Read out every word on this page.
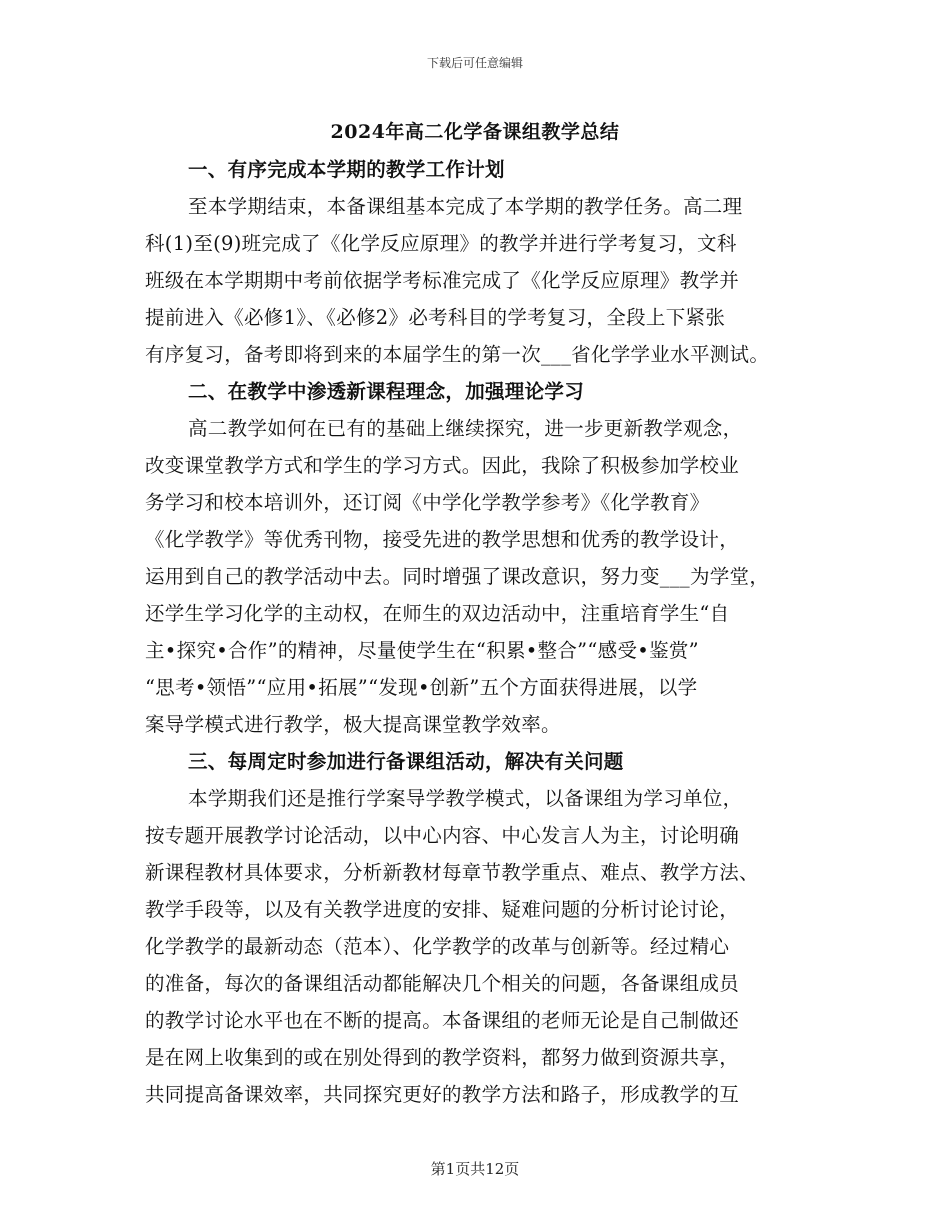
下载后可任意编辑
2024年高二化学备课组教学总结
一、有序完成本学期的教学工作计划
至本学期结束，本备课组基本完成了本学期的教学任务。高二理
科(1)至(9)班完成了《化学反应原理》的教学并进行学考复习，文科
班级在本学期期中考前依据学考标准完成了《化学反应原理》教学并
提前进入《必修1》、《必修2》必考科目的学考复习，全段上下紧张
有序复习，备考即将到来的本届学生的第一次___省化学学业水平测试。
二、在教学中渗透新课程理念，加强理论学习
高二教学如何在已有的基础上继续探究，进一步更新教学观念，
改变课堂教学方式和学生的学习方式。因此，我除了积极参加学校业
务学习和校本培训外，还订阅《中学化学教学参考》《化学教育》
《化学教学》等优秀刊物，接受先进的教学思想和优秀的教学设计，
运用到自己的教学活动中去。同时增强了课改意识，努力变___为学堂，
还学生学习化学的主动权，在师生的双边活动中，注重培育学生“自
主•探究•合作”的精神，尽量使学生在“积累•整合”“感受•鉴赏”
“思考•领悟”“应用•拓展”“发现•创新”五个方面获得进展，以学
案导学模式进行教学，极大提高课堂教学效率。
三、每周定时参加进行备课组活动，解决有关问题
本学期我们还是推行学案导学教学模式，以备课组为学习单位，
按专题开展教学讨论活动，以中心内容、中心发言人为主，讨论明确
新课程教材具体要求，分析新教材每章节教学重点、难点、教学方法、
教学手段等，以及有关教学进度的安排、疑难问题的分析讨论讨论，
化学教学的最新动态（范本）、化学教学的改革与创新等。经过精心
的准备，每次的备课组活动都能解决几个相关的问题，各备课组成员
的教学讨论水平也在不断的提高。本备课组的老师无论是自己制做还
是在网上收集到的或在别处得到的教学资料，都努力做到资源共享，
共同提高备课效率，共同探究更好的教学方法和路子，形成教学的互
第1页共12页
